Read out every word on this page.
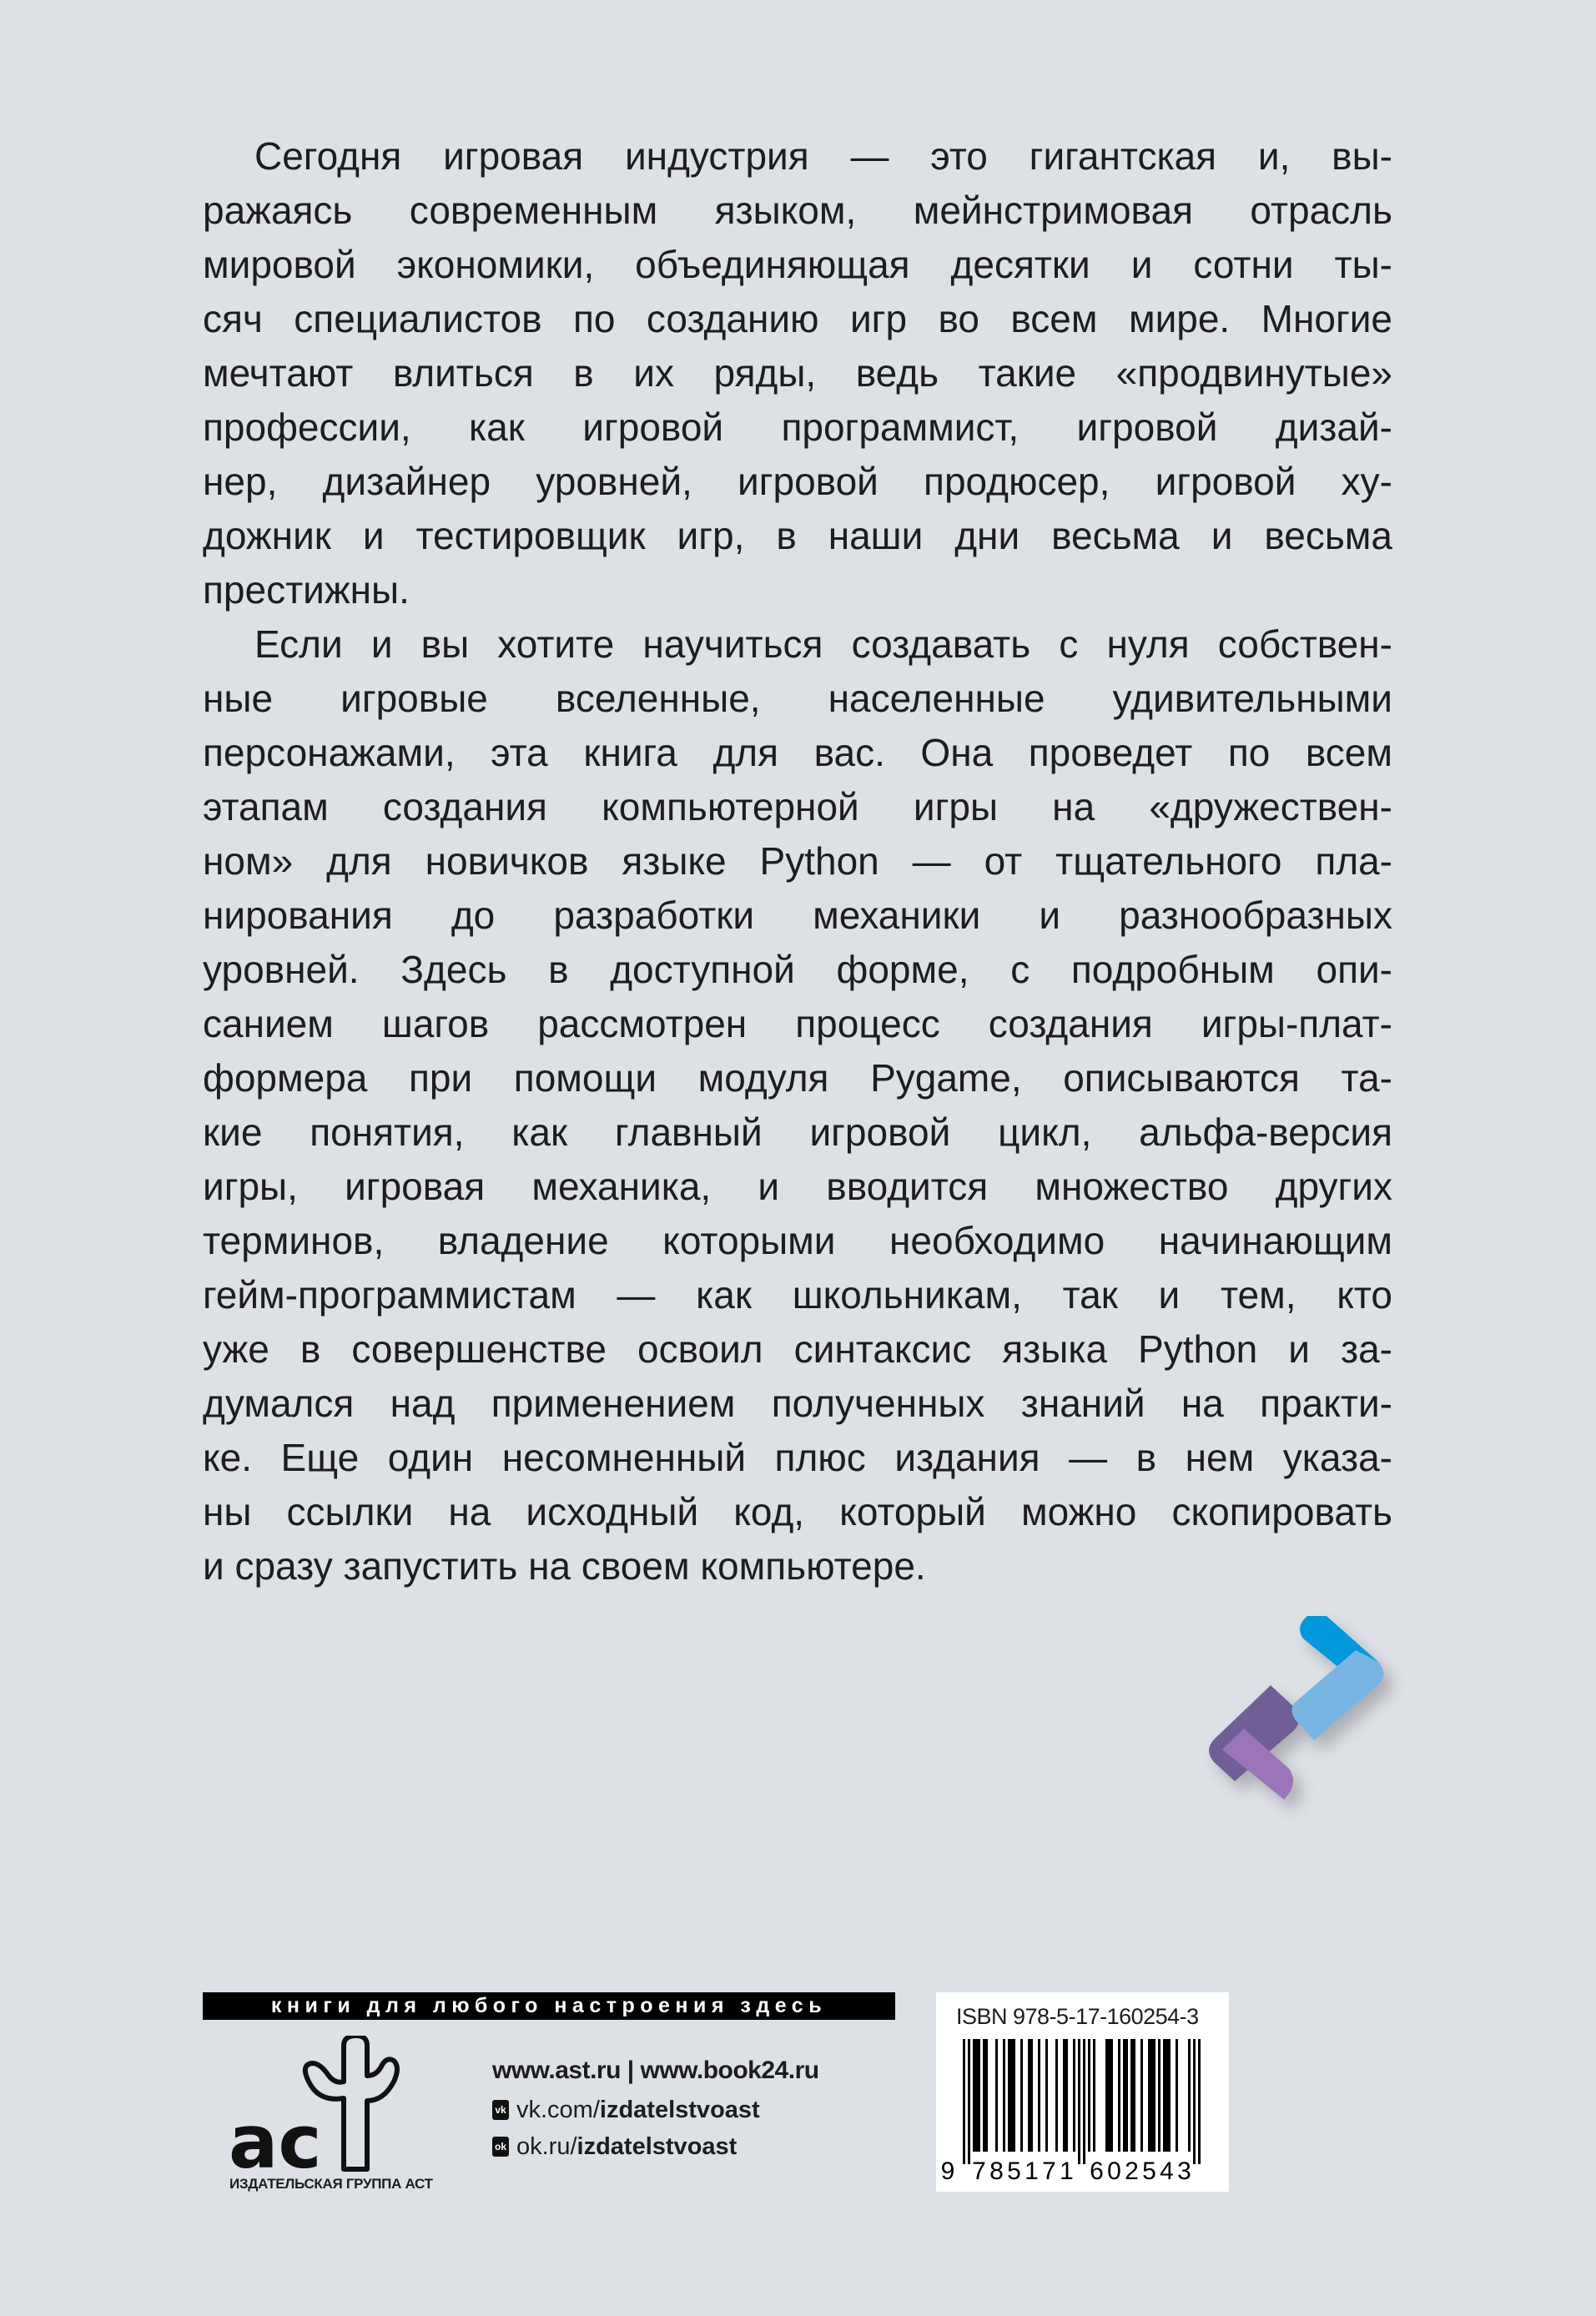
Сегодня игровая индустрия — это гигантская и, вы-
ражаясь современным языком, мейнстримовая отрасль
мировой экономики, объединяющая десятки и сотни ты-
сяч специалистов по созданию игр во всем мире. Многие
мечтают влиться в их ряды, ведь такие «продвинутые»
профессии, как игровой программист, игровой дизай-
нер, дизайнер уровней, игровой продюсер, игровой ху-
дожник и тестировщик игр, в наши дни весьма и весьма
престижны.
Если и вы хотите научиться создавать с нуля собствен-
ные игровые вселенные, населенные удивительными
персонажами, эта книга для вас. Она проведет по всем
этапам создания компьютерной игры на «дружествен-
ном» для новичков языке Python — от тщательного пла-
нирования до разработки механики и разнообразных
уровней. Здесь в доступной форме, с подробным опи-
санием шагов рассмотрен процесс создания игры-плат-
формера при помощи модуля Pygame, описываются та-
кие понятия, как главный игровой цикл, альфа-версия
игры, игровая механика, и вводится множество других
терминов, владение которыми необходимо начинающим
гейм-программистам — как школьникам, так и тем, кто
уже в совершенстве освоил синтаксис языка Python и за-
думался над применением полученных знаний на практи-
ке. Еще один несомненный плюс издания — в нем указа-
ны ссылки на исходный код, который можно скопировать
и сразу запустить на своем компьютере.
книги для любого настроения здесь
ac
ИЗДАТЕЛЬСКАЯ ГРУППА АСТ
www.ast.ru | www.book24.ru
vk vk.com/ izdatelstvoast
ok ok.ru/ izdatelstvoast
ISBN 978-5-17-160254-3
9 7 8 5 1 7 1 6 0 2 5 4 3
